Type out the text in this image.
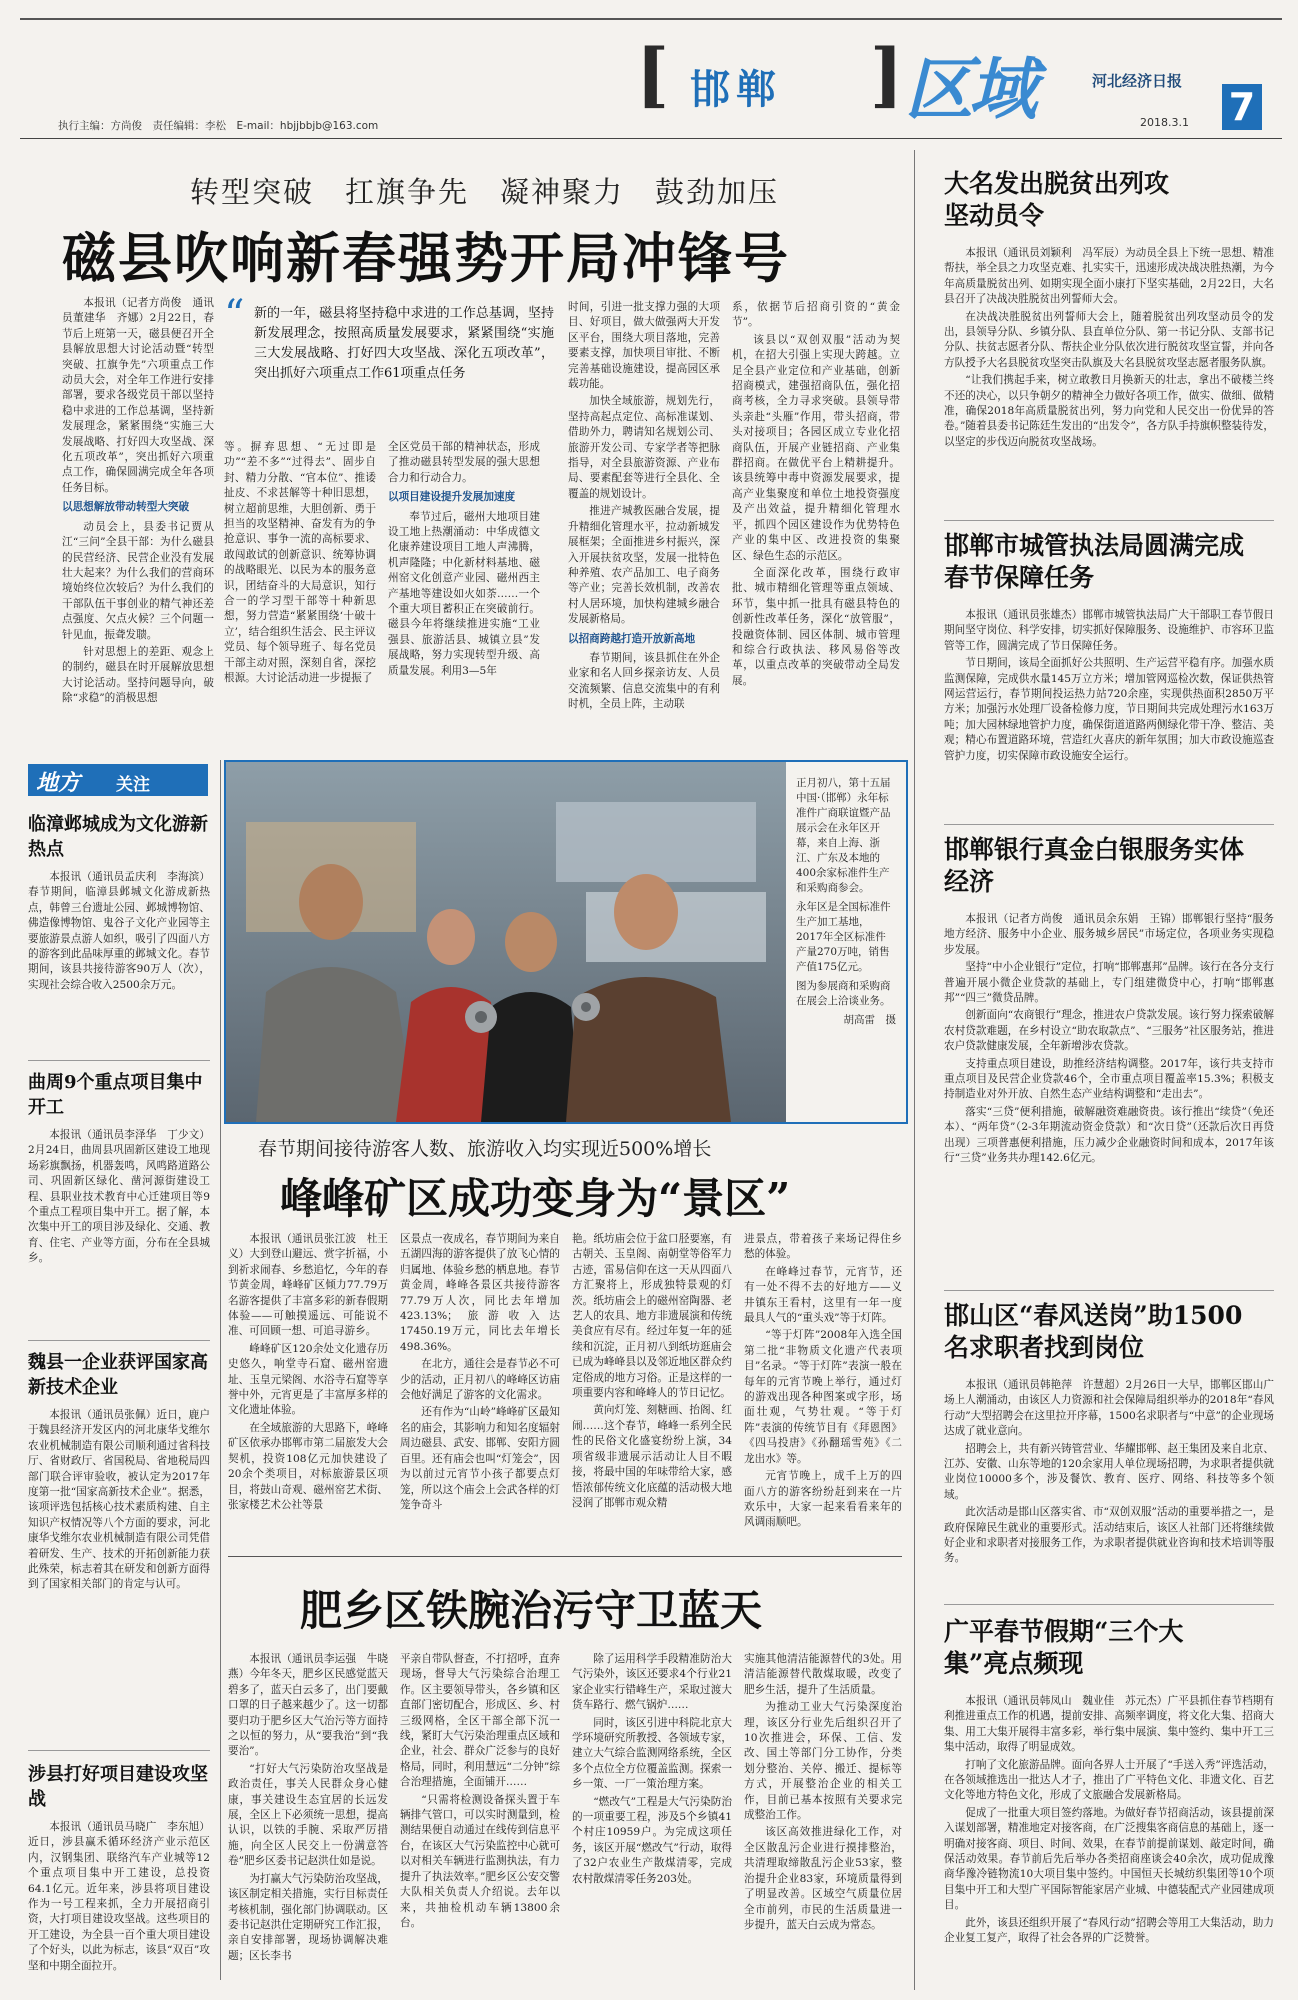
执行主编：方尚俊　责任编辑：李松　E-mail：hbjjbbjb@163.com
[ 邯郸 ] 区域	河北经济日报
2018.3.1 7
转型突破　扛旗争先　凝神聚力　鼓劲加压
磁县吹响新春强势开局冲锋号

本报讯（记者方尚俊　通讯员董建华　齐娜）2月22日，春节后上班第一天，磁县便召开全县解放思想大讨论活动暨“转型突破、扛旗争先”六项重点工作动员大会，对全年工作进行安排部署，要求各级党员干部以坚持稳中求进的工作总基调，坚持新发展理念，紧紧围绕“实施三大发展战略、打好四大攻坚战、深化五项改革”，突出抓好六项重点工作，确保圆满完成全年各项任务目标。

以思想解放带动转型大突破

动员会上，县委书记贾从江“三问”全县干部：为什么磁县的民营经济、民营企业没有发展壮大起来？为什么我们的营商环境始终位次较后？为什么我们的干部队伍干事创业的精气神还差点强度、欠点火候？三个问题一针见血，振聋发聩。

针对思想上的差距、观念上的制约，磁县在时开展解放思想大讨论活动。坚持问题导向，破除“求稳”的消极思想

“ 新的一年，磁县将坚持稳中求进的工作总基调，坚持新发展理念，按照高质量发展要求，紧紧围绕“实施三大发展战略、打好四大攻坚战、深化五项改革”，突出抓好六项重点工作61项重点任务

等。摒弃思想、“无过即是功”“差不多”“过得去”、固步自封、精力分散、“官本位”、推诿扯皮、不求甚解等十种旧思想，树立超前思维，大胆创新、勇于担当的攻坚精神、奋发有为的争抢意识、事争一流的高标要求、敢闯敢试的创新意识、统筹协调的战略眼光、以民为本的服务意识，团结奋斗的大局意识，知行合一的学习型干部等十种新思想，努力营造“紧紧围绕‘十破十立’，结合组织生活会、民主评议党员、每个领导班子、每名党员干部主动对照，深刻自省，深挖根源。大讨论活动进一步提振了

全区党员干部的精神状态，形成了推动磁县转型发展的强大思想合力和行动合力。

以项目建设提升发展加速度

奉节过后，磁州大地项目建设工地上热潮涌动：中华成德文化康养建设项目工地人声沸腾，机声隆隆；中化新材料基地、磁州窑文化创意产业园、磁州西主产基地等建设如火如荼……一个个重大项目蓄积正在突破前行。磁县今年将继续推进实施“工业强县、旅游活县、城镇立县”发展战略，努力实现转型升级、高质量发展。利用3—5年

时间，引进一批支撑力强的大项目、好项目，做大做强两大开发区平台，围绕大项目落地，完善要素支撑，加快项目审批、不断完善基础设施建设，提高园区承载功能。

加快全域旅游，规划先行，坚持高起点定位、高标准谋划、借助外力，聘请知名规划公司、旅游开发公司、专家学者等把脉指导，对全县旅游资源、产业布局、要素配套等进行全县化、全覆盖的规划设计。

推进产城教医融合发展，提升精细化管理水平，拉动新城发展框架；全面推进乡村振兴，深入开展扶贫攻坚，发展一批特色种养殖、农产品加工、电子商务等产业；完善长效机制，改善农村人居环境，加快构建城乡融合发展新格局。

以招商跨越打造开放新高地

春节期间，该县抓住在外企业家和名人回乡探亲访友、人员交流频繁、信息交流集中的有利时机，全员上阵，主动联

系，依据节后招商引资的“黄金节”。

该县以“双创双服”活动为契机，在招大引强上实现大跨越。立足全县产业定位和产业基础，创新招商模式，建强招商队伍，强化招商考核，全力寻求突破。县领导带头亲赴“头雁”作用，带头招商，带头对接项目；各园区成立专业化招商队伍，开展产业链招商、产业集群招商。在做优平台上精耕提升。该县统筹中毒中资源发展要求，提高产业集聚度和单位土地投资强度及产出效益，提升精细化管理水平，抓四个园区建设作为优势特色产业的集中区、改进投资的集聚区、绿色生态的示范区。

全面深化改革，围绕行政审批、城市精细化管理等重点领域、环节，集中抓一批具有磁县特色的创新性改革任务，深化“放管服”，投融资体制、园区体制、城市管理和综合行政执法、移风易俗等改革，以重点改革的突破带动全局发展。

地方 关注

临漳邺城成为文化游新热点

本报讯（通讯员孟庆利　李海滨）春节期间，临漳县邺城文化游成新热点，韩曾三台遗址公园、邺城博物馆、佛造像博物馆、鬼谷子文化产业园等主要旅游景点游人如织，吸引了四面八方的游客到此品味厚重的邺城文化。春节期间，该县共接待游客90万人（次），实现社会综合收入2500余万元。

曲周9个重点项目集中开工

本报讯（通讯员李泽华　丁少文）2月24日，曲周县巩固新区建设工地现场彩旗飘扬，机器轰鸣，风鸣路道路公司、巩固新区绿化、凿河源街建设工程、县职业技术教育中心迁建项目等9个重点工程项目集中开工。据了解，本次集中开工的项目涉及绿化、交通、教育、住宅、产业等方面，分布在全县城乡。

魏县一企业获评国家高新技术企业

本报讯（通讯员张佩）近日，鹿户于魏县经济开发区内的河北康华戈维尔农业机械制造有限公司顺利通过省科技厅、省财政厅、省国税局、省地税局四部门联合评审验收，被认定为2017年度第一批“国家高新技术企业”。据悉，该项评选包括核心技术素质构建、自主知识产权情况等八个方面的要求，河北康华戈维尔农业机械制造有限公司凭借着研发、生产、技术的开拓创新能力获此殊荣，标志着其在研发和创新方面得到了国家相关部门的肯定与认可。

涉县打好项目建设攻坚战

本报讯（通讯员马晓广　李东旭）近日，涉县赢禾循环经济产业示范区内，汉钢集团、联络汽车产业城等12个重点项目集中开工建设，总投资64.1亿元。近年来，涉县将项目建设作为一号工程来抓，全力开展招商引资，大打项目建设攻坚战。这些项目的开工建设，为全县一百个重大项目建设了个好头，以此为标志，该县“双百”攻坚和中期全面拉开。

正月初八，第十五届中国·（邯郸）永年标准件广商联谊暨产品展示会在永年区开幕，来自上海、浙江、广东及本地的400余家标准件生产和采购商参会。
永年区是全国标准件生产加工基地，2017年全区标准件产量270万吨，销售产值175亿元。
图为参展商和采购商在展会上洽谈业务。
胡高雷　摄
春节期间接待游客人数、旅游收入均实现近500%增长
峰峰矿区成功变身为“景区”

本报讯（通讯员张江波　杜王义）大到登山避远、赏字折福，小到祈求闹春、乡愁追忆，今年的春节黄金周，峰峰矿区倾力77.79万名游客提供了丰富多彩的新春假期体验——可触摸遥远、可能说不准、可回顾一想、可追寻游乡。

峰峰矿区120余处文化遗存历史悠久，响堂寺石窟、磁州窑遗址、玉皇元梁阁、水浴寺石窟等享誉中外，元宵更是了丰富厚多样的文化遗址体验。

在全域旅游的大思路下，峰峰矿区依承办邯郸市第二届旅发大会契机，投资108亿元加快建设了20余个类项目，对标旅游景区项目，将鼓山奇观、磁州窑艺术街、张家楼艺术公社等景

区景点一夜成名，春节期间为来自五湖四海的游客提供了放飞心情的归属地、体验乡愁的栖息地。春节黄金周，峰峰各景区共接待游客77.79万人次，同比去年增加423.13%；旅游收入达17450.19万元，同比去年增长498.36%。

在北方，通往会是春节必不可少的活动，正月初八的峰峰区访庙会他好满足了游客的文化需求。

还有作为“山岭”峰峰矿区最知名的庙会，其影响力和知名度辐射周边磁县、武安、邯郸、安阳方圆百里。还有庙会也叫“灯笼会”，因为以前过元宵节小孩子都要点灯笼，所以这个庙会上会武各样的灯笼争奇斗

艳。纸坊庙会位于盆口胫要塞，有古朝关、玉皇阁、南朝堂等俗军力古迹，雷易信仰在这一天从四面八方汇聚将上，形成独特景观的灯茨。纸坊庙会上的磁州窑陶器、老艺人的农具、地方非遗展演和传统美食应有尽有。经过年复一年的延续和沉淀，正月初八到纸坊逛庙会已成为峰峰县以及邻近地区群众约定俗成的地方习俗。正是这样的一项重要内容和峰峰人的节日记忆。

黄向灯笼、刻糖画、抬阁、红闹……这个春节，峰峰一系列全民性的民俗文化盛宴纷纷上演，34项省级非遗展示活动让人目不暇接，将最中国的年味带给大家，感悟浓郁传统文化底蕴的活动极大地浸润了邯郸市观众精

进景点，带着孩子来场记得住乡愁的体验。

在峰峰过春节，元宵节，还有一处不得不去的好地方——义井镇东王看村，这里有一年一度最具人气的“重头戏”等于灯阵。

“等于灯阵”2008年入选全国第二批“非物质文化遗产代表项目”名录。“等于灯阵”表演一般在每年的元宵节晚上举行，通过灯的游戏出现各种图案或字形，场面壮观，气势壮观。“等于灯阵”表演的传统节目有《拜恩图》《四马投唐》《孙翻瑶雪苑》《二龙出水》等。

元宵节晚上，成千上万的四面八方的游客纷纷赶到来在一片欢乐中，大家一起来看看来年的风调雨顺吧。

肥乡区铁腕治污守卫蓝天

本报讯（通讯员李运强　牛晓燕）今年冬天，肥乡区民感觉蓝天碧多了，蓝天白云多了，出门要戴口罩的日子越来越少了。这一切都要归功于肥乡区大气治污等方面持之以恒的努力，从“要我治”到“我要治”。

“打好大气污染防治攻坚战是政治责任，事关人民群众身心健康，事关建设生态宜居的长远发展，全区上下必须统一思想，提高认识，以铁的手腕、采取严厉措施，向全区人民交上一份满意答卷”肥乡区委书记赵洪仕如是说。

为打赢大气污染防治攻坚战，该区制定相关措施，实行目标责任考核机制，强化部门协调联动。区委书记赵洪仕定期研究工作汇报，亲自安排部署，现场协调解决难题；区长李书

平亲自带队督查，不打招呼，直奔现场，督导大气污染综合治理工作。区主要领导带头，各乡镇和区直部门密切配合，形成区、乡、村三级网格，全区干部全部下沉一线，紧盯大气污染治理重点区域和企业，社会、群众广泛参与的良好格局，同时，利用慧远“二分钟”综合治理措施，全面铺开……

“只需将检测设备探头置于车辆排气管口，可以实时测量到，检测结果便自动通过在线传到信息平台，在该区大气污染监控中心就可以对相关车辆进行监测执法，有力提升了执法效率。”肥乡区公安交警大队相关负责人介绍说。去年以来，共抽检机动车辆13800余台。

除了运用科学手段精准防治大气污染外，该区还要求4个行业21家企业实行错峰生产，采取过渡大货车路行、燃气锅炉……

同时，该区引进中科院北京大学环境研究所教授、各领域专家，建立大气综合监测网络系统，全区多个点位全方位覆盖监测。探索一乡一策、一厂一策治理方案。

“燃改气”工程是大气污染防治的一项重要工程，涉及5个乡镇41个村庄10959户。为完成这项任务，该区开展“燃改气”行动，取得了32户农业生产散煤清零，完成农村散煤清零任务203处。

实施其他清洁能源替代的3处。用清洁能源替代散煤取暖，改变了肥乡生活，提升了生活质量。

为推动工业大气污染深度治理，该区分行业先后组织召开了10次推进会，环保、工信、发改、国土等部门分工协作，分类划分整治、关停、搬迁、提标等方式，开展整治企业的相关工作，目前已基本按照有关要求完成整治工作。

该区高效推进绿化工作，对全区散乱污企业进行摸排整治，共清理取缔散乱污企业53家，整治提升企业83家，环境质量得到了明显改善。区域空气质量位居全市前列，市民的生活质量进一步提升，蓝天白云成为常态。

大名发出脱贫出列攻坚动员令

本报讯（通讯员刘颖利　冯军辰）为动员全县上下统一思想、精准帮扶，举全县之力攻坚克难、扎实实干，迅速形成决战决胜热潮，为今年高质量脱贫出列、如期实现全面小康打下坚实基础，2月22日，大名县召开了决战决胜脱贫出列誓师大会。

在决战决胜脱贫出列誓师大会上，随着脱贫出列攻坚动员令的发出，县领导分队、乡镇分队、县直单位分队、第一书记分队、支部书记分队、扶贫志愿者分队、帮扶企业分队依次进行脱贫攻坚宣誓，并向各方队授予大名县脱贫攻坚突击队旗及大名县脱贫攻坚志愿者服务队旗。

“让我们携起手来，树立敢教日月换新天的壮志，拿出不破楼兰终不还的决心，以只争朝夕的精神全力做好各项工作，做实、做细、做精准，确保2018年高质量脱贫出列，努力向党和人民交出一份优异的答卷。”随着县委书记陈廷生发出的“出发令”，各方队手持旗帜整装待发，以坚定的步伐迈向脱贫攻坚战场。

邯郸市城管执法局圆满完成春节保障任务

本报讯（通讯员张雄杰）邯郸市城管执法局广大干部职工春节假日期间坚守岗位、科学安排，切实抓好保障服务、设施维护、市容环卫监管等工作，圆满完成了节日保障任务。

节日期间，该局全面抓好公共照明、生产运营平稳有序。加强水质监测保障，完成供水量145万立方米；增加管网巡检次数，保证供热管网运营运行，春节期间投运热力站720余座，实现供热面积2850万平方米；加强污水处理厂设备检修力度，节日期间共完成处理污水163万吨；加大园林绿地管护力度，确保街道道路两侧绿化带干净、整洁、美观；精心布置道路环境，营造红火喜庆的新年氛围；加大市政设施巡查管护力度，切实保障市政设施安全运行。

邯郸银行真金白银服务实体经济

本报讯（记者方尚俊　通讯员余东娟　王锦）邯郸银行坚持“服务地方经济、服务中小企业、服务城乡居民”市场定位，各项业务实现稳步发展。

坚持“中小企业银行”定位，打响“邯郸惠邦”品牌。该行在各分支行普遍开展小微企业贷款的基础上，专门组建微贷中心，打响“邯郸惠邦”“四三”微贷品牌。

创新面向“农商银行”理念，推进农户贷款发展。该行努力探索破解农村贷款难题，在乡村设立“助农取款点”、“三服务”社区服务站，推进农户贷款健康发展，全年新增涉农贷款。

支持重点项目建设，助推经济结构调整。2017年，该行共支持市重点项目及民营企业贷款46个，全市重点项目覆盖率15.3%；积极支持制造业对外开放、自然生态产业结构调整和“走出去”。

落实“三贷”便利措施，破解融资难融资贵。该行推出“续贷”（免还本）、“两年贷”（2-3年期流动资金贷款）和“次日贷”（还款后次日再贷出现）三项普惠便利措施，压力减少企业融资时间和成本，2017年该行“三贷”业务共办理142.6亿元。

邯山区“春风送岗”助1500名求职者找到岗位

本报讯（通讯员韩艳萍　许慧超）2月26日一大早，邯郸区邯山广场上人潮涌动，由该区人力资源和社会保障局组织举办的2018年“春风行动”大型招聘会在这里拉开序幕，1500名求职者与“中意”的企业现场达成了就业意向。

招聘会上，共有新兴铸管营业、华耀邯郸、赵王集团及来自北京、江苏、安徽、山东等地的120余家用人单位现场招聘，为求职者提供就业岗位10000多个，涉及餐饮、教育、医疗、网络、科技等多个领域。

此次活动是邯山区落实省、市“双创双服”活动的重要举措之一，是政府保障民生就业的重要形式。活动结束后，该区人社部门还将继续做好企业和求职者对接服务工作，为求职者提供就业咨询和技术培训等服务。

广平春节假期“三个大集”亮点频现

本报讯（通讯员韩凤山　魏业佳　苏元杰）广平县抓住春节档期有利推进重点工作的机遇，提前安排、高频率调度，将文化大集、招商大集、用工大集开展得丰富多彩，举行集中展演、集中签约、集中开工三集中活动，取得了明显成效。

打响了文化旅游品牌。面向各界人士开展了“手送入秀”评选活动，在各领域推选出一批达人才子，推出了广平特色文化、非遗文化、百艺文化等地方特色文化，形成了文旅融合发展新格局。

促成了一批重大项目签约落地。为做好春节招商活动，该县提前深入谋划部署，精准地定对接客商，在广泛搜集客商信息的基础上，逐一明确对接客商、项目、时间、效果，在春节前提前谋划、敲定时间，确保活动效果。春节前后先后举办各类招商座谈会40余次，成功促成豫商华豫冷链物流10大项目集中签约。中国恒天长城纺织集团等10个项目集中开工和大型广平国际智能家居产业城、中德装配式产业园建成项目。

此外，该县还组织开展了“春风行动”招聘会等用工大集活动，助力企业复工复产，取得了社会各界的广泛赞誉。
